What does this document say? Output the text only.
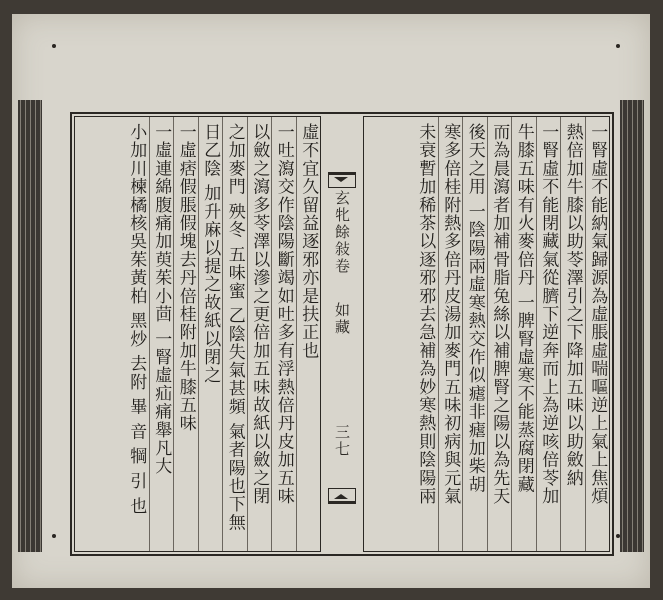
虛不宜久留益逐邪亦是扶正也
一吐瀉交作陰陽斷竭如吐多有浮熱倍丹皮加五味
以斂之瀉多苓澤以滲之更倍加五味故紙以斂之閉
之加麥門 殃冬 五味蜜 乙陰失氣甚頻 氣者陽也下無
日乙陰 加升麻以提之故紙以閉之
一虛痞假脹假塊去丹倍桂附加牛膝五味
一虛連綿腹痛加萸茱小茴 一腎虛疝痛舉凡大
小加川楝橘核吳茱黃柏 黑炒 去附 畢 音 犅 引 也	玄牝餘敍卷
如藏
三七	一腎虛不能納氣歸源為虛脹虛喘嘔逆上氣上焦煩
熱倍加牛膝以助苓澤引之下降加五味以助斂納
一腎虛不能閉藏氣從臍下逆奔而上為逆咳倍苓加
牛膝五味有火麥倍丹 一脾腎虛寒不能蒸腐閉藏
而為晨瀉者加補骨脂兔絲以補脾腎之陽以為先天
後天之用 一陰陽兩虛寒熱交作似瘧非瘧加柴胡
寒多倍桂附熱多倍丹皮湯加麥門五味初病與元氣
未衰暫加稀茶以逐邪邪去急補為妙寒熱則陰陽兩
